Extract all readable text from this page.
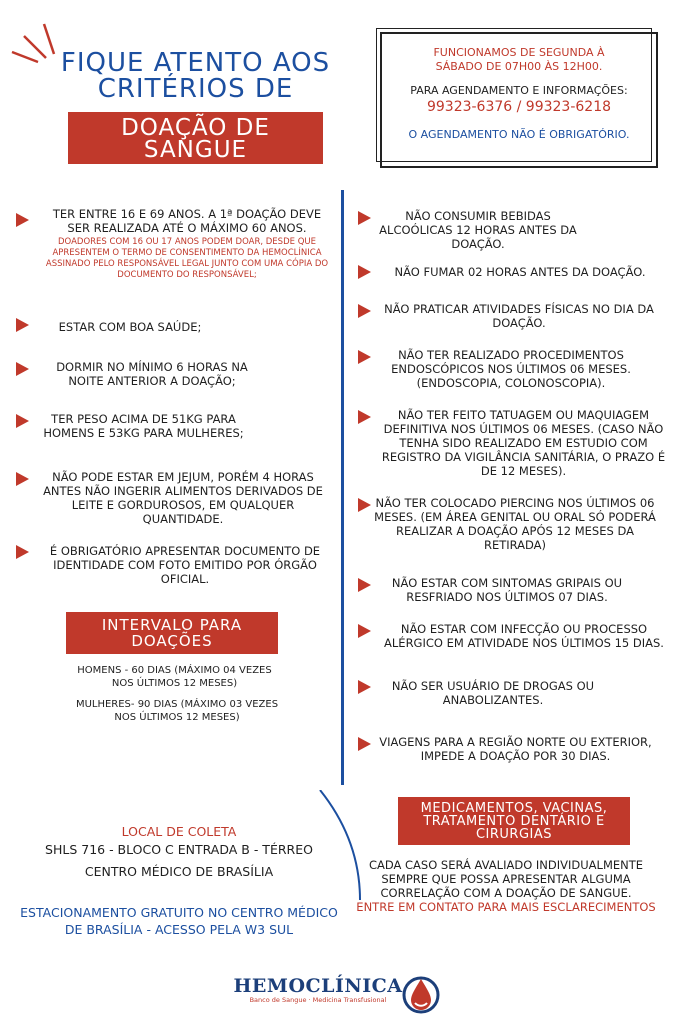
FIQUE ATENTO AOS CRITÉRIOS DE
DOAÇÃO DE SANGUE
FUNCIONAMOS DE SEGUNDA À SÁBADO DE 07H00 ÀS 12H00.
PARA AGENDAMENTO E INFORMAÇÕES:
99323-6376 / 99323-6218
O AGENDAMENTO NÃO É OBRIGATÓRIO.
TER ENTRE 16 E 69 ANOS. A 1ª DOAÇÃO DEVE SER REALIZADA ATÉ O MÁXIMO 60 ANOS.
DOADORES COM 16 OU 17 ANOS PODEM DOAR, DESDE QUE APRESENTEM O TERMO DE CONSENTIMENTO DA HEMOCLÍNICA ASSINADO PELO RESPONSÁVEL LEGAL JUNTO COM UMA CÓPIA DO DOCUMENTO DO RESPONSÁVEL;
ESTAR COM BOA SAÚDE;
DORMIR NO MÍNIMO 6 HORAS NA NOITE ANTERIOR A DOAÇÃO;
TER PESO ACIMA DE 51KG PARA HOMENS E 53KG PARA MULHERES;
NÃO PODE ESTAR EM JEJUM, PORÉM 4 HORAS ANTES NÃO INGERIR ALIMENTOS DERIVADOS DE LEITE E GORDUROSOS, EM QUALQUER QUANTIDADE.
É OBRIGATÓRIO APRESENTAR DOCUMENTO DE IDENTIDADE COM FOTO EMITIDO POR ÓRGÃO OFICIAL.
INTERVALO PARA DOAÇÕES
HOMENS - 60 DIAS (MÁXIMO 04 VEZES NOS ÚLTIMOS 12 MESES)
MULHERES- 90 DIAS (MÁXIMO 03 VEZES NOS ÚLTIMOS 12 MESES)
NÃO CONSUMIR BEBIDAS ALCOÓLICAS 12 HORAS ANTES DA DOAÇÃO.
NÃO FUMAR 02 HORAS ANTES DA DOAÇÃO.
NÃO PRATICAR ATIVIDADES FÍSICAS NO DIA DA DOAÇÃO.
NÃO TER REALIZADO PROCEDIMENTOS ENDOSCÓPICOS NOS ÚLTIMOS 06 MESES. (ENDOSCOPIA, COLONOSCOPIA).
NÃO TER FEITO TATUAGEM OU MAQUIAGEM DEFINITIVA NOS ÚLTIMOS 06 MESES. (CASO NÃO TENHA SIDO REALIZADO EM ESTUDIO COM REGISTRO DA VIGILÂNCIA SANITÁRIA, O PRAZO É DE 12 MESES).
NÃO TER COLOCADO PIERCING NOS ÚLTIMOS 06 MESES. (EM ÁREA GENITAL OU ORAL SÓ PODERÁ REALIZAR A DOAÇÃO APÓS 12 MESES DA RETIRADA)
NÃO ESTAR COM SINTOMAS GRIPAIS OU RESFRIADO NOS ÚLTIMOS 07 DIAS.
NÃO ESTAR COM INFECÇÃO OU PROCESSO ALÉRGICO EM ATIVIDADE NOS ÚLTIMOS 15 DIAS.
NÃO SER USUÁRIO DE DROGAS OU ANABOLIZANTES.
VIAGENS PARA A REGIÃO NORTE OU EXTERIOR, IMPEDE A DOAÇÃO POR 30 DIAS.
MEDICAMENTOS, VACINAS, TRATAMENTO DENTÁRIO E CIRURGIAS
CADA CASO SERÁ AVALIADO INDIVIDUALMENTE SEMPRE QUE POSSA APRESENTAR ALGUMA CORRELAÇÃO COM A DOAÇÃO DE SANGUE.
ENTRE EM CONTATO PARA MAIS ESCLARECIMENTOS
LOCAL DE COLETA
SHLS 716 - BLOCO C ENTRADA B - TÉRREO
CENTRO MÉDICO DE BRASÍLIA
ESTACIONAMENTO GRATUITO NO CENTRO MÉDICO DE BRASÍLIA - ACESSO PELA W3 SUL
HEMOCLÍNICA
Banco de Sangue · Medicina Transfusional
